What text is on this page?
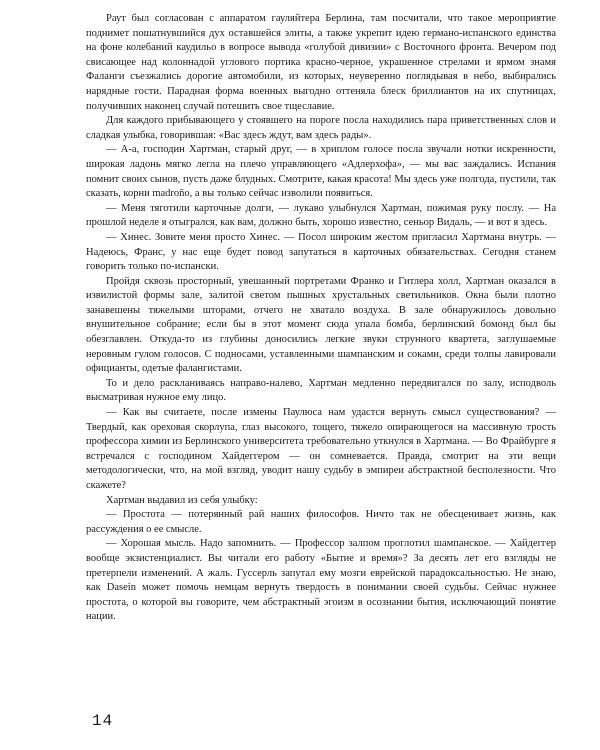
Раут был согласован с аппаратом гауляйтера Берлина, там посчитали, что такое мероприятие поднимет пошатнувшийся дух оставшейся элиты, а также укрепит идею германо-испанского единства на фоне колебаний каудильо в вопросе вывода «голубой дивизии» с Восточного фронта. Вечером под свисающее над колоннадой углового портика красно-черное, украшенное стрелами и ярмом знамя Фаланги съезжались дорогие автомобили, из которых, неуверенно поглядывая в небо, выбирались нарядные гости. Парадная форма военных выгодно оттеняла блеск бриллиантов на их спутницах, получивших наконец случай потешить свое тщеславие.

Для каждого прибывающего у стоявшего на пороге посла находились пара приветственных слов и сладкая улыбка, говорившая: «Вас здесь ждут, вам здесь рады».

— А-а, господин Хартман, старый друг, — в хриплом голосе посла звучали нотки искренности, широкая ладонь мягко легла на плечо управляющего «Адлерхофа», — мы вас заждались. Испания помнит своих сынов, пусть даже блудных. Смотрите, какая красота! Мы здесь уже полгода, пустили, так сказать, корни madroño, а вы только сейчас изволили появиться.

— Меня тяготили карточные долги, — лукаво улыбнулся Хартман, пожимая руку послу. — На прошлой неделе я отыгрался, как вам, должно быть, хорошо известно, сеньор Видаль, — и вот я здесь.

— Хинес. Зовите меня просто Хинес. — Посол широким жестом пригласил Хартмана внутрь. — Надеюсь, Франс, у нас еще будет повод запутаться в карточных обязательствах. Сегодня станем говорить только по-испански.

Пройдя сквозь просторный, увешанный портретами Франко и Гитлера холл, Хартман оказался в извилистой формы зале, залитой светом пышных хрустальных светильников. Окна были плотно занавешены тяжелыми шторами, отчего не хватало воздуха. В зале обнаружилось довольно внушительное собрание; если бы в этот момент сюда упала бомба, берлинский бомонд был бы обезглавлен. Откуда-то из глубины доносились легкие звуки струнного квартета, заглушаемые неровным гулом голосов. С подносами, уставленными шампанским и соками, среди толпы лавировали официанты, одетые фалангистами.

То и дело раскланиваясь направо-налево, Хартман медленно передвигался по залу, исподволь высматривая нужное ему лицо.

— Как вы считаете, после измены Паулюса нам удастся вернуть смысл существования? — Твердый, как ореховая скорлупа, глаз высокого, тощего, тяжело опирающегося на массивную трость профессора химии из Берлинского университета требовательно уткнулся в Хартмана. — Во Фрайбурге я встречался с господином Хайдеггером — он сомневается. Правда, смотрит на эти вещи методологически, что, на мой взгляд, уводит нашу судьбу в эмпиреи абстрактной бесполезности. Что скажете?

Хартман выдавил из себя улыбку:

— Простота — потерянный рай наших философов. Ничто так не обесценивает жизнь, как рассуждения о ее смысле.

— Хорошая мысль. Надо запомнить. — Профессор залпом проглотил шампанское. — Хайдеггер вообще экзистенциалист. Вы читали его работу «Бытие и время»? За десять лет его взгляды не претерпели изменений. А жаль. Гуссерль запутал ему мозги еврейской парадоксальностью. Не знаю, как Dasein может помочь немцам вернуть твердость в понимании своей судьбы. Сейчас нужнее простота, о которой вы говорите, чем абстрактный эгоизм в осознании бытия, исключающий понятие нации.

14
